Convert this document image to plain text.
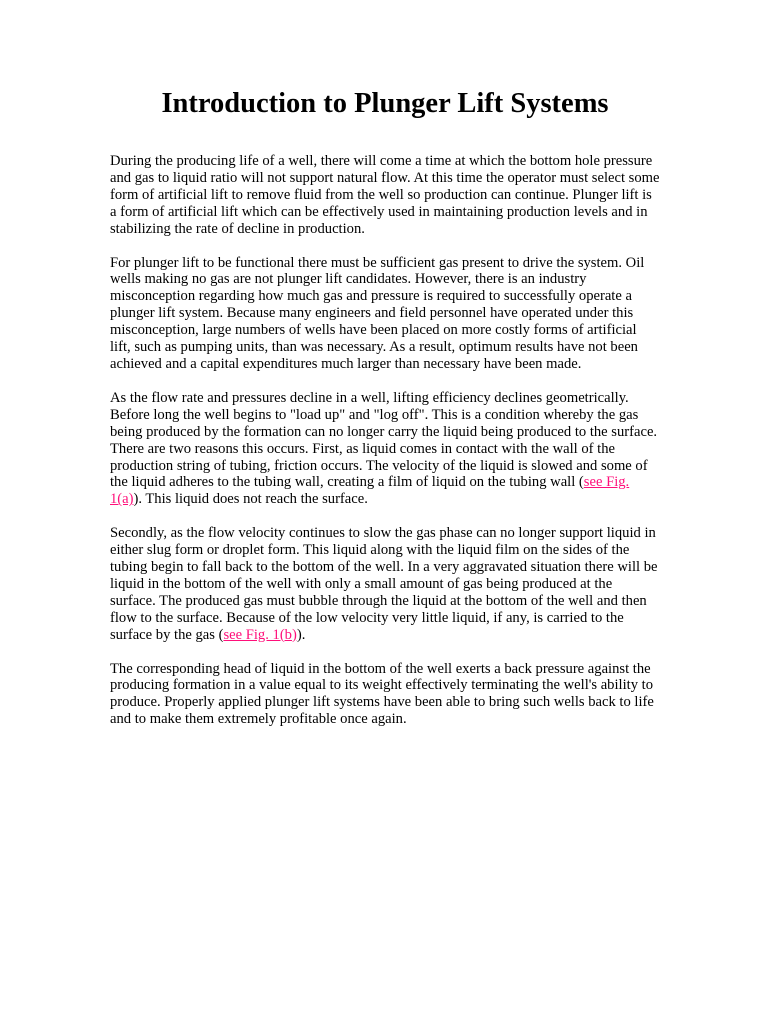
Introduction to Plunger Lift Systems

During the producing life of a well, there will come a time at which the bottom hole pressure and gas to liquid ratio will not support natural flow. At this time the operator must select some form of artificial lift to remove fluid from the well so production can continue. Plunger lift is a form of artificial lift which can be effectively used in maintaining production levels and in stabilizing the rate of decline in production.

For plunger lift to be functional there must be sufficient gas present to drive the system. Oil wells making no gas are not plunger lift candidates. However, there is an industry misconception regarding how much gas and pressure is required to successfully operate a plunger lift system. Because many engineers and field personnel have operated under this misconception, large numbers of wells have been placed on more costly forms of artificial lift, such as pumping units, than was necessary. As a result, optimum results have not been achieved and a capital expenditures much larger than necessary have been made.

As the flow rate and pressures decline in a well, lifting efficiency declines geometrically. Before long the well begins to "load up" and "log off". This is a condition whereby the gas being produced by the formation can no longer carry the liquid being produced to the surface. There are two reasons this occurs. First, as liquid comes in contact with the wall of the production string of tubing, friction occurs. The velocity of the liquid is slowed and some of the liquid adheres to the tubing wall, creating a film of liquid on the tubing wall (see Fig. 1(a)). This liquid does not reach the surface.

Secondly, as the flow velocity continues to slow the gas phase can no longer support liquid in either slug form or droplet form. This liquid along with the liquid film on the sides of the tubing begin to fall back to the bottom of the well. In a very aggravated situation there will be liquid in the bottom of the well with only a small amount of gas being produced at the surface. The produced gas must bubble through the liquid at the bottom of the well and then flow to the surface. Because of the low velocity very little liquid, if any, is carried to the surface by the gas (see Fig. 1(b)).

The corresponding head of liquid in the bottom of the well exerts a back pressure against the producing formation in a value equal to its weight effectively terminating the well's ability to produce. Properly applied plunger lift systems have been able to bring such wells back to life and to make them extremely profitable once again.
